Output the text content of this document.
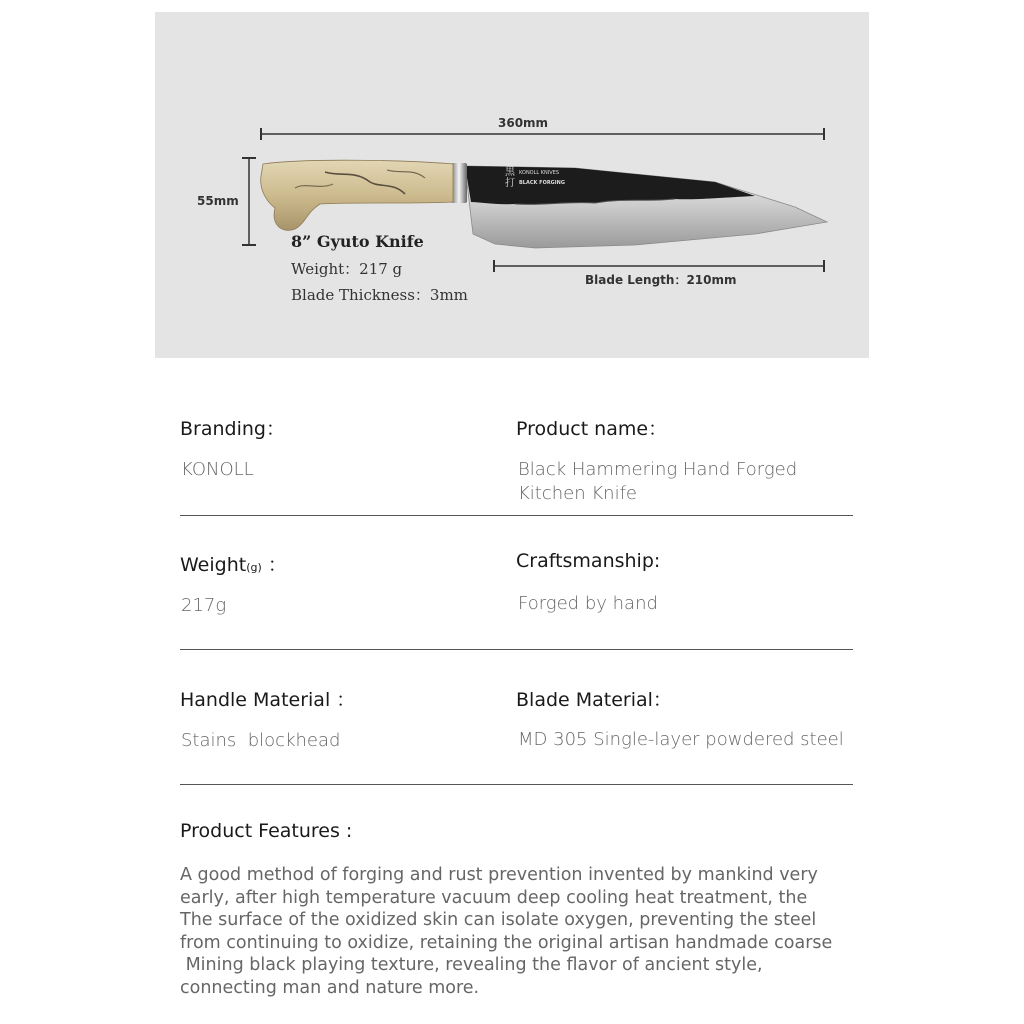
黒打
KONOLL KNIVES
BLACK FORGING
360mm
55mm
Blade Length：210mm
8” Gyuto Knife
Weight：217 g
Blade Thickness：3mm
Branding：
KONOLL
Product name：
Black Hammering Hand Forged
Kitchen Knife
Weight(g) ：
217g
Craftsmanship:
Forged by hand
Handle Material ：
Stains  blockhead
Blade Material：
MD 305 Single-layer powdered steel
Product Features :
A good method of forging and rust prevention invented by mankind very
early, after high temperature vacuum deep cooling heat treatment, the
The surface of the oxidized skin can isolate oxygen, preventing the steel
from continuing to oxidize, retaining the original artisan handmade coarse
Mining black playing texture, revealing the flavor of ancient style,
connecting man and nature more.
